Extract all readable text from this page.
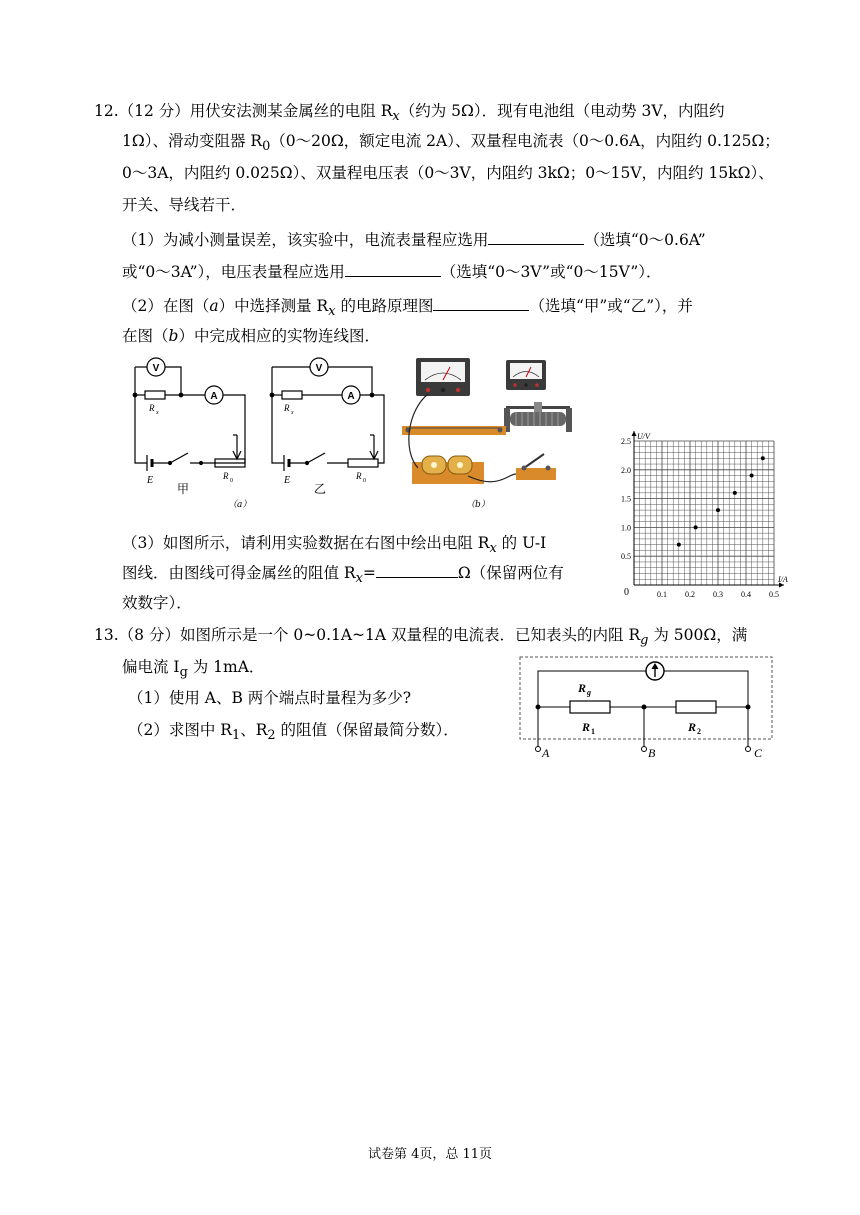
12.（12 分）用伏安法测某金属丝的电阻 $R_x$（约为 5Ω）．现有电池组（电动势 3V，内阻约
1Ω）、滑动变阻器 $R_0(0\sim 20\Omega$，额定电流 2A）、双量程电流表（0～0.6A，内阻约 0.125Ω；
0～3A，内阻约 0.025Ω）、双量程电压表（0～3V，内阻约 3kΩ；0～15V，内阻约 15kΩ）、
开关、导线若干．
（1）为减小测量误差，该实验中，电流表量程应选用	（选填“0～0.6A”
或“0～3A”），电压表量程应选用	（选填“0～3V”或“0～15V”）．
（2）在图（a）中选择测量 $R_x$ 的电路原理图	（选填“甲”或“乙”），并
在图（b）中完成相应的实物连线图．
V
A
R x
E	R 0
甲
V
A
R x
E	R 0
乙
（a）	（b）
0.1 0.2 0.3 0.4 0.5
0.5
1.0
1.5
2.0
2.5
I/A
U/V
0
（3）如图所示，请利用实验数据在右图中绘出电阻 $R_x$ 的 U-I
图线．由图线可得金属丝的阻值 $R_x=$	Ω（保留两位有
效数字）．
13.（8 分）如图所示是一个 0~0.1A~1A 双量程的电流表．已知表头的内阻 $R_g$ 为 500Ω，满
偏电流 $I_g$ 为 1mA．
（1）使用 A、B 两个端点时量程为多少?
（2）求图中 $R_1$、$R_2$ 的阻值（保留最简分数）．
R g
R 1	R 2
A	B	C
试卷第 4页，总 11页
